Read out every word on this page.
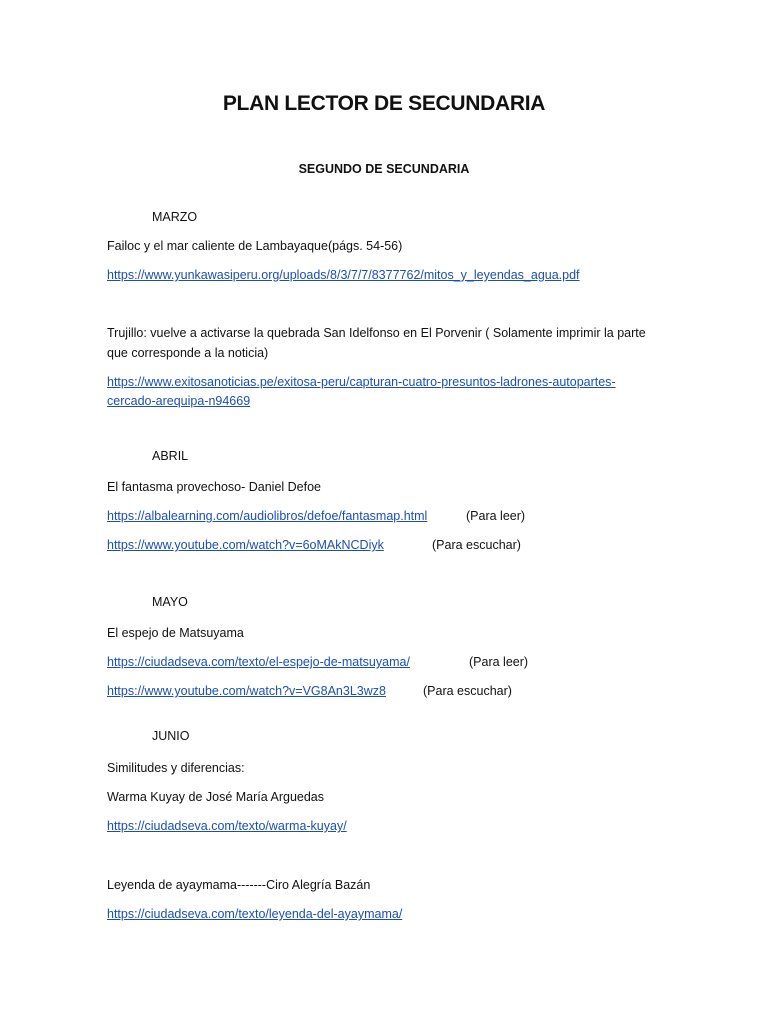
PLAN LECTOR DE SECUNDARIA
SEGUNDO DE SECUNDARIA
MARZO
Failoc y el mar caliente de Lambayaque(págs. 54-56)
https://www.yunkawasiperu.org/uploads/8/3/7/7/8377762/mitos_y_leyendas_agua.pdf
Trujillo: vuelve a activarse la quebrada San Idelfonso en El Porvenir ( Solamente imprimir la parte que corresponde a la noticia)
https://www.exitosanoticias.pe/exitosa-peru/capturan-cuatro-presuntos-ladrones-autopartes-
cercado-arequipa-n94669
ABRIL
El fantasma provechoso- Daniel Defoe
https://albalearning.com/audiolibros/defoe/fantasmap.html	(Para leer)
https://www.youtube.com/watch?v=6oMAkNCDiyk	(Para escuchar)
MAYO
El espejo de Matsuyama
https://ciudadseva.com/texto/el-espejo-de-matsuyama/	(Para leer)
https://www.youtube.com/watch?v=VG8An3L3wz8	(Para escuchar)
JUNIO
Similitudes y diferencias:
Warma Kuyay de José María Arguedas
https://ciudadseva.com/texto/warma-kuyay/
Leyenda de ayaymama-------Ciro Alegría Bazán
https://ciudadseva.com/texto/leyenda-del-ayaymama/
